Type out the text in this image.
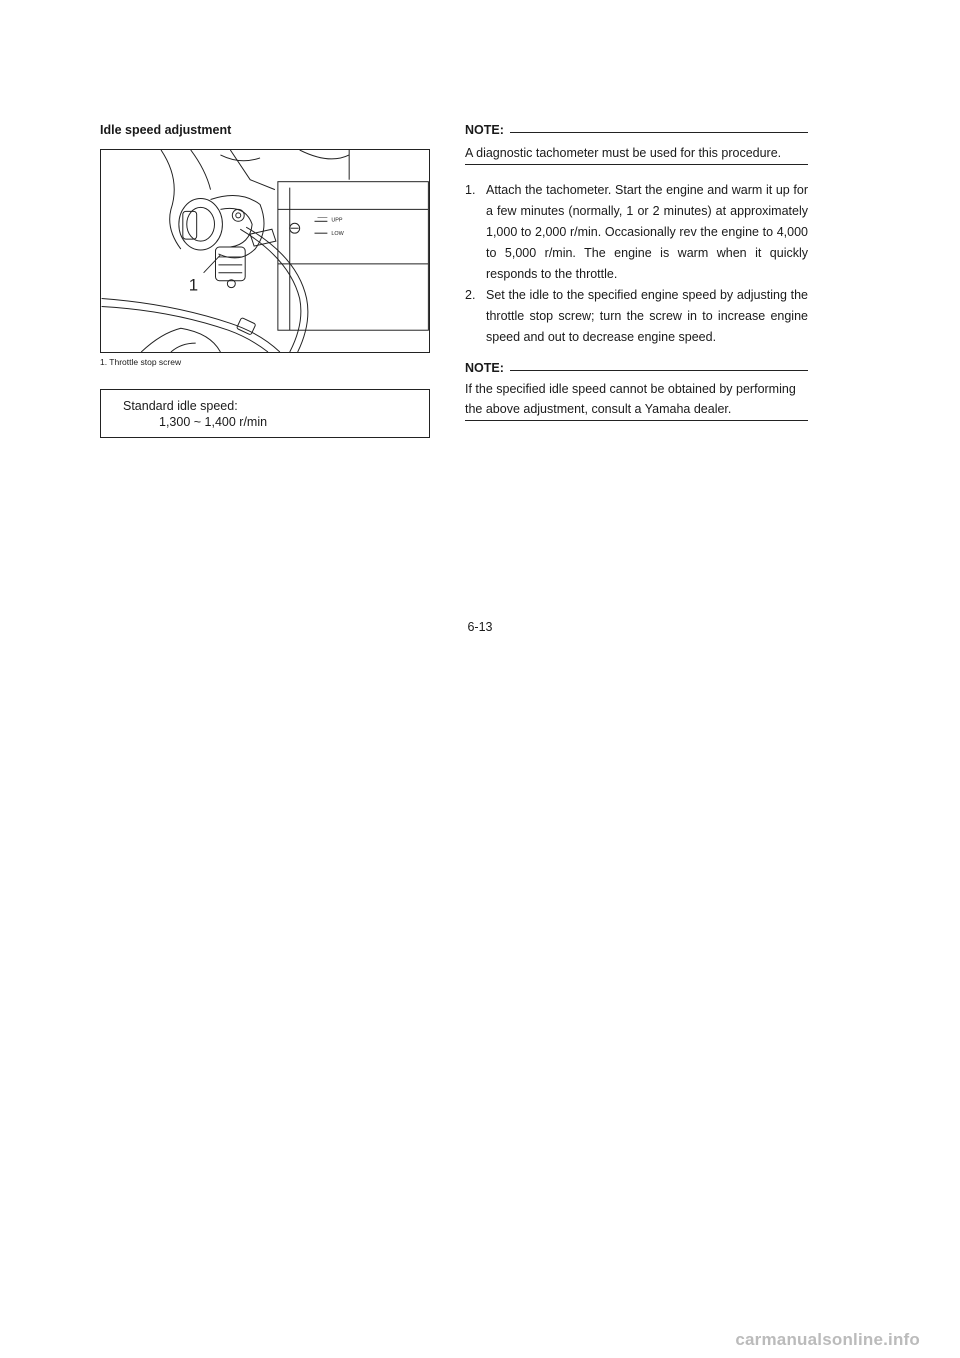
Idle speed adjustment
1
UPP
LOW
1. Throttle stop screw
Standard idle speed:
1,300 ~ 1,400 r/min
NOTE:
A diagnostic tachometer must be used for this procedure.
1. Attach the tachometer. Start the engine and warm it up for a few minutes (normally, 1 or 2 minutes) at approximately 1,000 to 2,000 r/min. Occasionally rev the engine to 4,000 to 5,000 r/min. The engine is warm when it quickly responds to the throttle.
2. Set the idle to the specified engine speed by adjusting the throttle stop screw; turn the screw in to increase engine speed and out to decrease engine speed.
NOTE:
If the specified idle speed cannot be obtained by performing the above adjustment, consult a Yamaha dealer.
6-13
carmanualsonline.info
